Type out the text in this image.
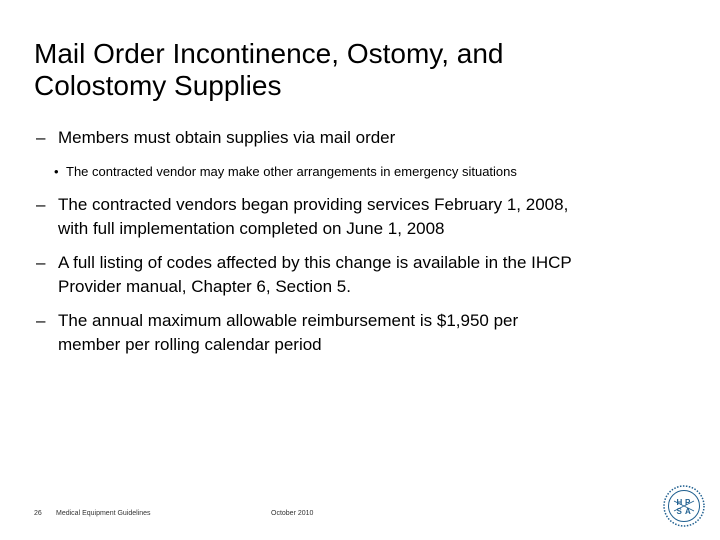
Mail Order Incontinence, Ostomy, and
Colostomy Supplies
– Members must obtain supplies via mail order
• The contracted vendor may make other arrangements in emergency situations
– The contracted vendors began providing services February 1, 2008,
with full implementation completed on June 1, 2008
– A full listing of codes affected by this change is available in the IHCP
Provider manual, Chapter 6, Section 5.
– The annual maximum allowable reimbursement is $1,950 per
member per rolling calendar period
26 Medical Equipment Guidelines	October 2010
H P
S A
